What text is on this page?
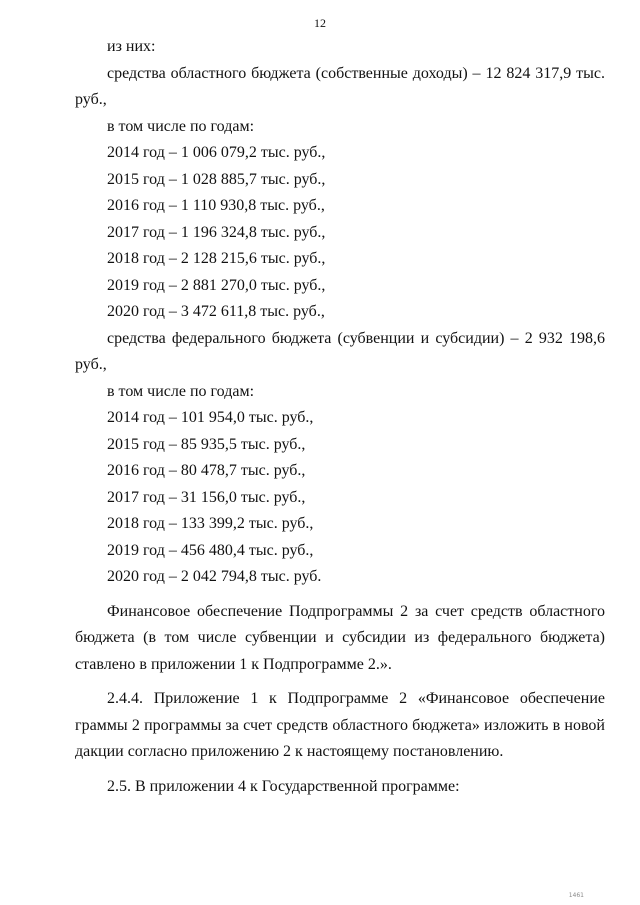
12
из них:
средства областного бюджета (собственные доходы) – 12 824 317,9 тыс.
руб.,
в том числе по годам:
2014 год – 1 006 079,2 тыс. руб.,
2015 год – 1 028 885,7 тыс. руб.,
2016 год – 1 110 930,8 тыс. руб.,
2017 год – 1 196 324,8 тыс. руб.,
2018 год – 2 128 215,6 тыс. руб.,
2019 год – 2 881 270,0 тыс. руб.,
2020 год – 3 472 611,8 тыс. руб.,
средства федерального бюджета (субвенции и субсидии) – 2 932 198,6
руб.,
в том числе по годам:
2014 год – 101 954,0 тыс. руб.,
2015 год – 85 935,5 тыс. руб.,
2016 год – 80 478,7 тыс. руб.,
2017 год – 31 156,0 тыс. руб.,
2018 год – 133 399,2 тыс. руб.,
2019 год – 456 480,4 тыс. руб.,
2020 год – 2 042 794,8 тыс. руб.
Финансовое обеспечение Подпрограммы 2 за счет средств областного
бюджета (в том числе субвенции и субсидии из федерального бюджета)
ставлено в приложении 1 к Подпрограмме 2.».
2.4.4. Приложение 1 к Подпрограмме 2 «Финансовое обеспечение
граммы 2 программы за счет средств областного бюджета» изложить в новой
дакции согласно приложению 2 к настоящему постановлению.
2.5. В приложении 4 к Государственной программе:
1461
